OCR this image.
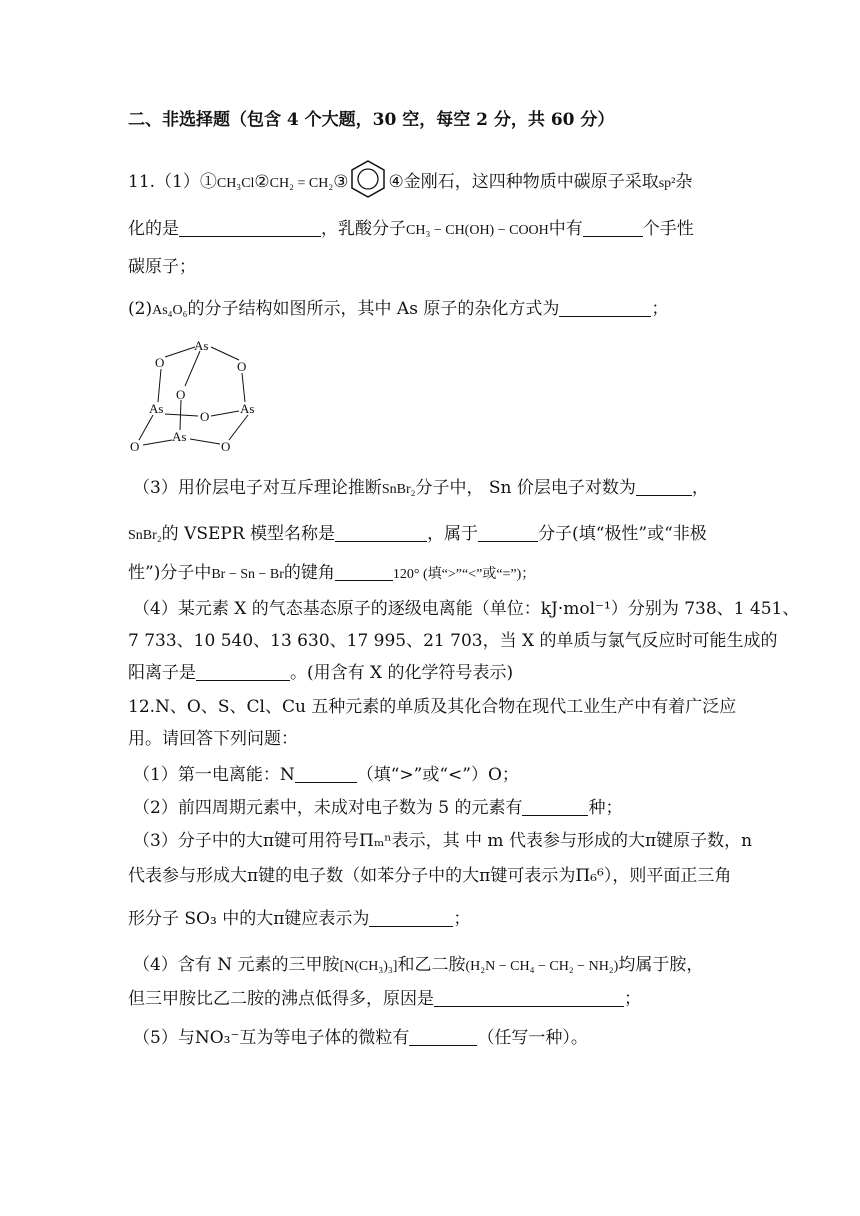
二、非选择题（包含 4 个大题，30 空，每空 2 分，共 60 分）
11.（1）①CH₃Cl②CH₂ = CH₂③ ④金刚石，这四种物质中碳原子采取sp²杂
化的是	，乳酸分子CH₃ − CH(OH) − COOH中有	个手性
碳原子；
(2)As₄O₆的分子结构如图所示，其中 As 原子的杂化方式为	；
As
O	O
O
As	As
O
As
O	O
（3）用价层电子对互斥理论推断SnBr₂分子中， Sn 价层电子对数为	，
SnBr₂的 VSEPR 模型名称是	，属于	分子(填“极性”或“非极
性”)分子中Br − Sn − Br的键角	120° (填“>”“<”或“=”)；
（4）某元素 X 的气态基态原子的逐级电离能（单位：kJ·mol⁻¹）分别为 738、1 451、
7 733、10 540、13 630、17 995、21 703，当 X 的单质与氯气反应时可能生成的
阳离子是	。(用含有 X 的化学符号表示)
12.N、O、S、Cl、Cu 五种元素的单质及其化合物在现代工业生产中有着广泛应
用。请回答下列问题：
（1）第一电离能：N	（填“>”或“<”）O；
（2）前四周期元素中，未成对电子数为 5 的元素有	种；
（3）分子中的大π键可用符号Πₘⁿ表示，其 中 m 代表参与形成的大π键原子数，n
代表参与形成大π键的电子数（如苯分子中的大π键可表示为Π₆⁶），则平面正三角
形分子 SO₃ 中的大π键应表示为	；
（4）含有 N 元素的三甲胺[N(CH₃)₃]和乙二胺(H₂N − CH₄ − CH₂ − NH₂)均属于胺，
但三甲胺比乙二胺的沸点低得多，原因是	；
（5）与NO₃⁻互为等电子体的微粒有	（任写一种）。
